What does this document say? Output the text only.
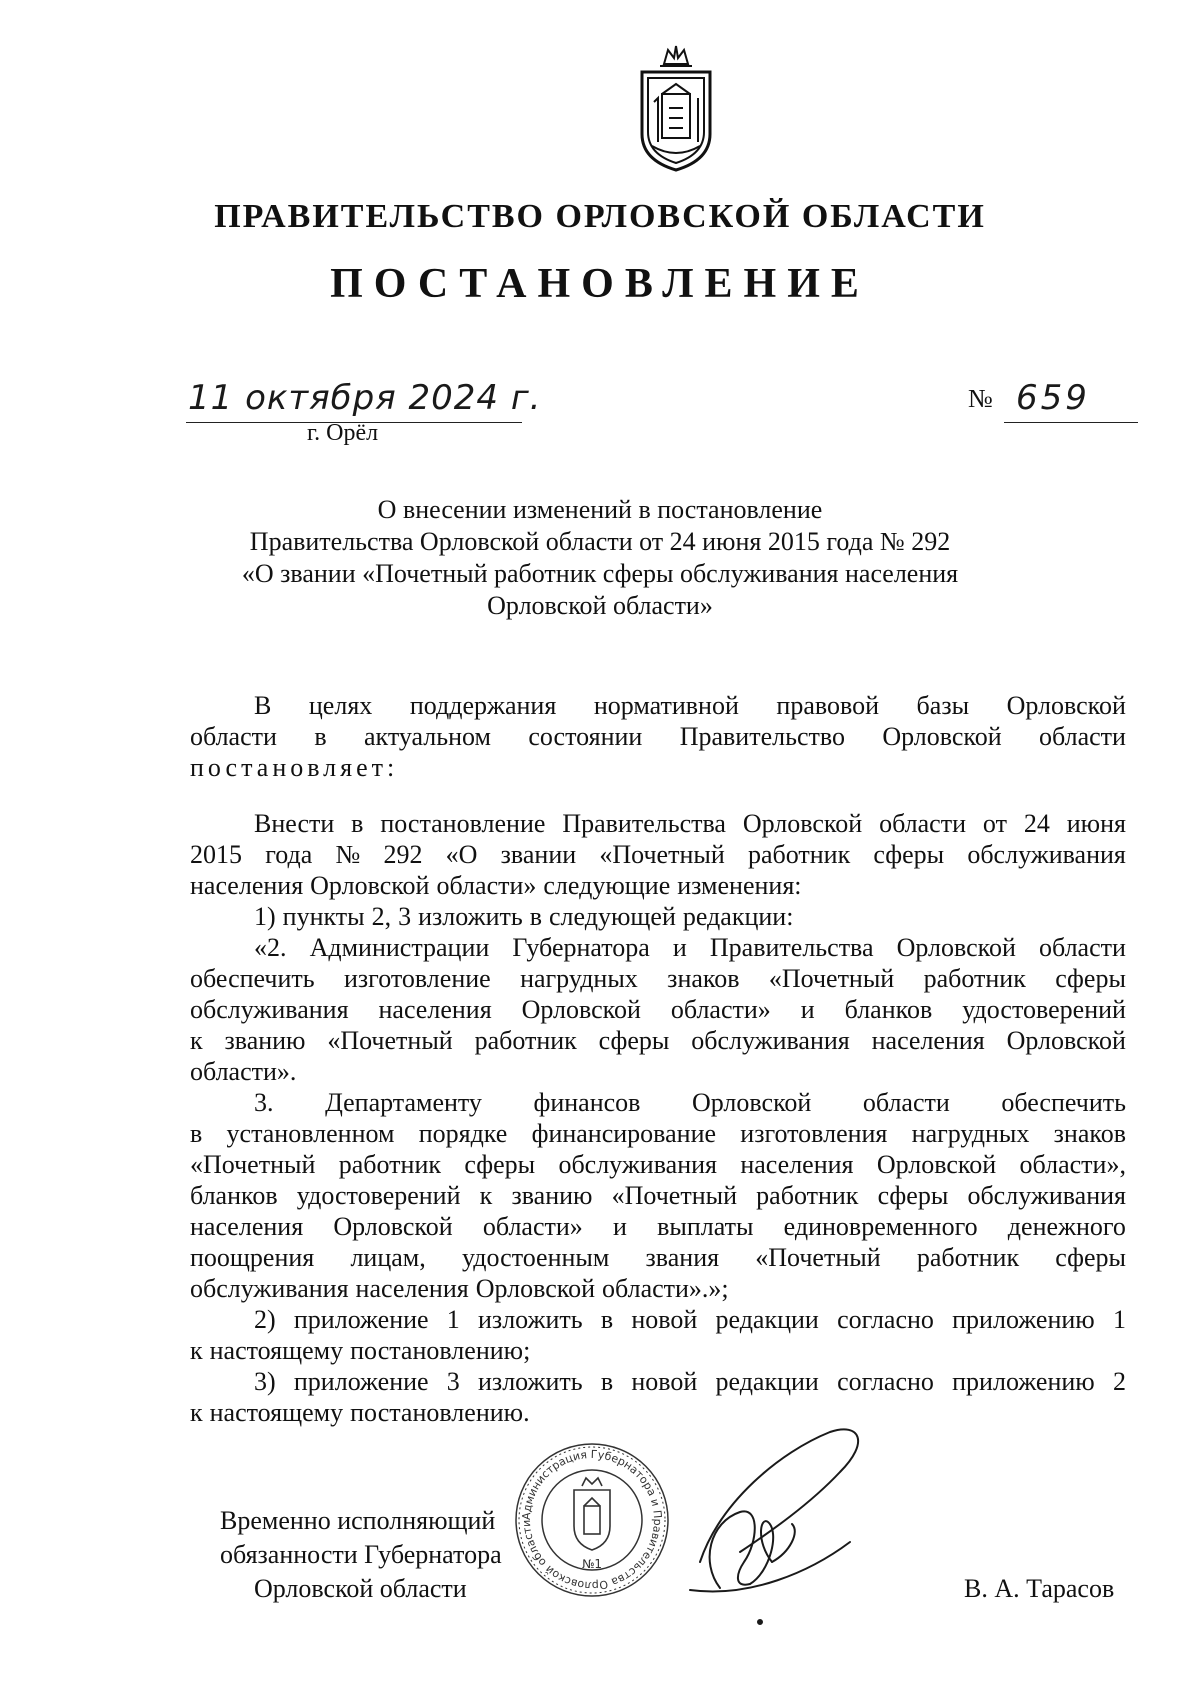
ПРАВИТЕЛЬСТВО ОРЛОВСКОЙ ОБЛАСТИ
ПОСТАНОВЛЕНИЕ
11 октября 2024 г.
г. Орёл
№ 659
О внесении изменений в постановление
Правительства Орловской области от 24 июня 2015 года № 292
«О звании «Почетный работник сферы обслуживания населения
Орловской области»
В целях поддержания нормативной правовой базы Орловской
области в актуальном состоянии Правительство Орловской области
постановляет:
Внести в постановление Правительства Орловской области от 24 июня
2015 года № 292 «О звании «Почетный работник сферы обслуживания
населения Орловской области» следующие изменения:
1) пункты 2, 3 изложить в следующей редакции:
«2. Администрации Губернатора и Правительства Орловской области
обеспечить изготовление нагрудных знаков «Почетный работник сферы
обслуживания населения Орловской области» и бланков удостоверений
к званию «Почетный работник сферы обслуживания населения Орловской
области».
3. Департаменту финансов Орловской области обеспечить
в установленном порядке финансирование изготовления нагрудных знаков
«Почетный работник сферы обслуживания населения Орловской области»,
бланков удостоверений к званию «Почетный работник сферы обслуживания
населения Орловской области» и выплаты единовременного денежного
поощрения лицам, удостоенным звания «Почетный работник сферы
обслуживания населения Орловской области».»;
2) приложение 1 изложить в новой редакции согласно приложению 1
к настоящему постановлению;
3) приложение 3 изложить в новой редакции согласно приложению 2
к настоящему постановлению.
Временно исполняющий
обязанности Губернатора
Орловской области	В. А. Тарасов
Администрация Губернатора и Правительства Орловской области
№1
